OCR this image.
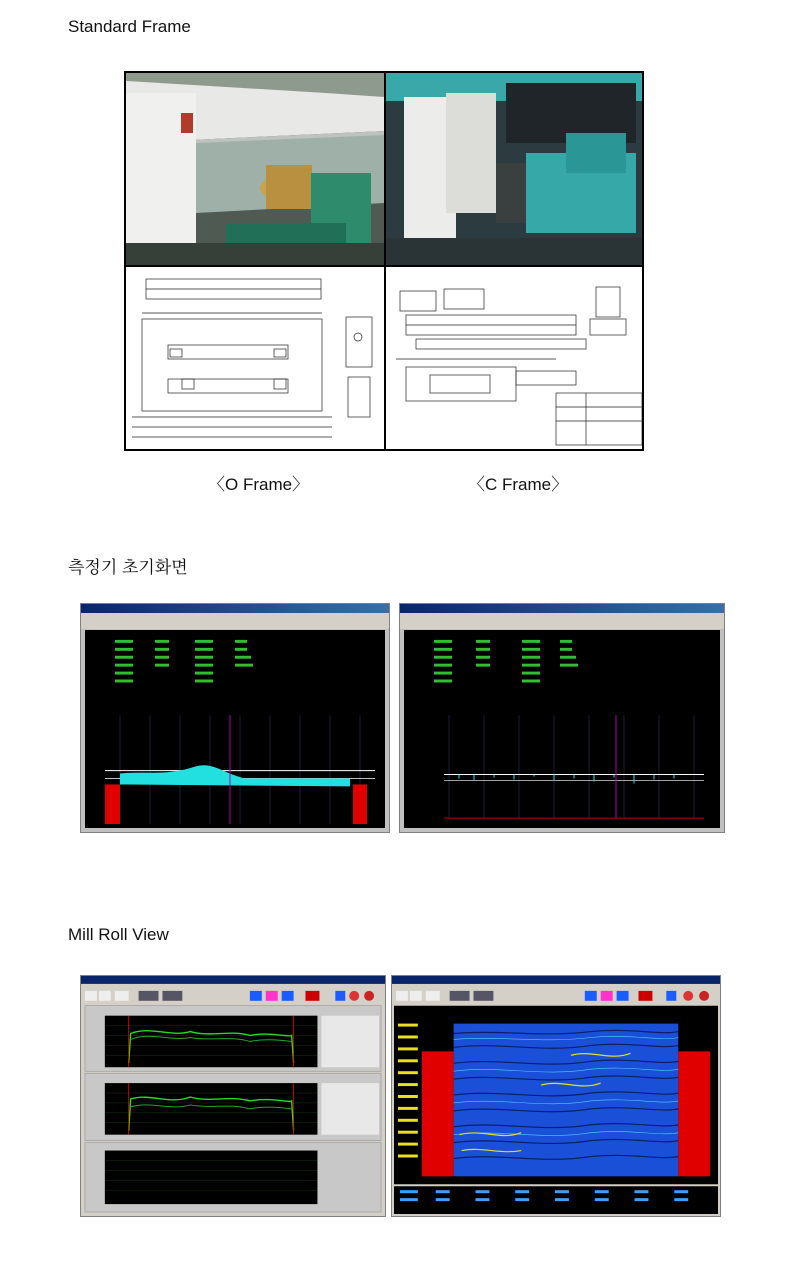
Standard Frame
〈O Frame〉	〈C Frame〉
측정기 초기화면
Mill Roll View
